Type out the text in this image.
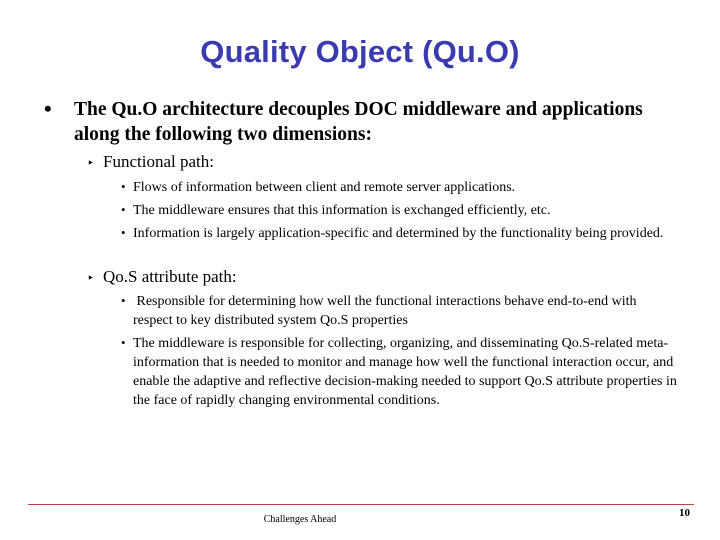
Quality Object (Qu.O)
•	The Qu.O architecture decouples DOC middleware and applications along the following two dimensions:
‣ Functional path:
• Flows of information between client and remote server applications.
• The middleware ensures that this information is exchanged efficiently, etc.
• Information is largely application-specific and determined by the functionality being provided.
‣ Qo.S attribute path:
• Responsible for determining how well the functional interactions behave end-to-end with respect to key distributed system Qo.S properties
• The middleware is responsible for collecting, organizing, and disseminating Qo.S-related meta-information that is needed to monitor and manage how well the functional interaction occur, and enable the adaptive and reflective decision-making needed to support Qo.S attribute properties in the face of rapidly changing environmental conditions.
Challenges Ahead
10
